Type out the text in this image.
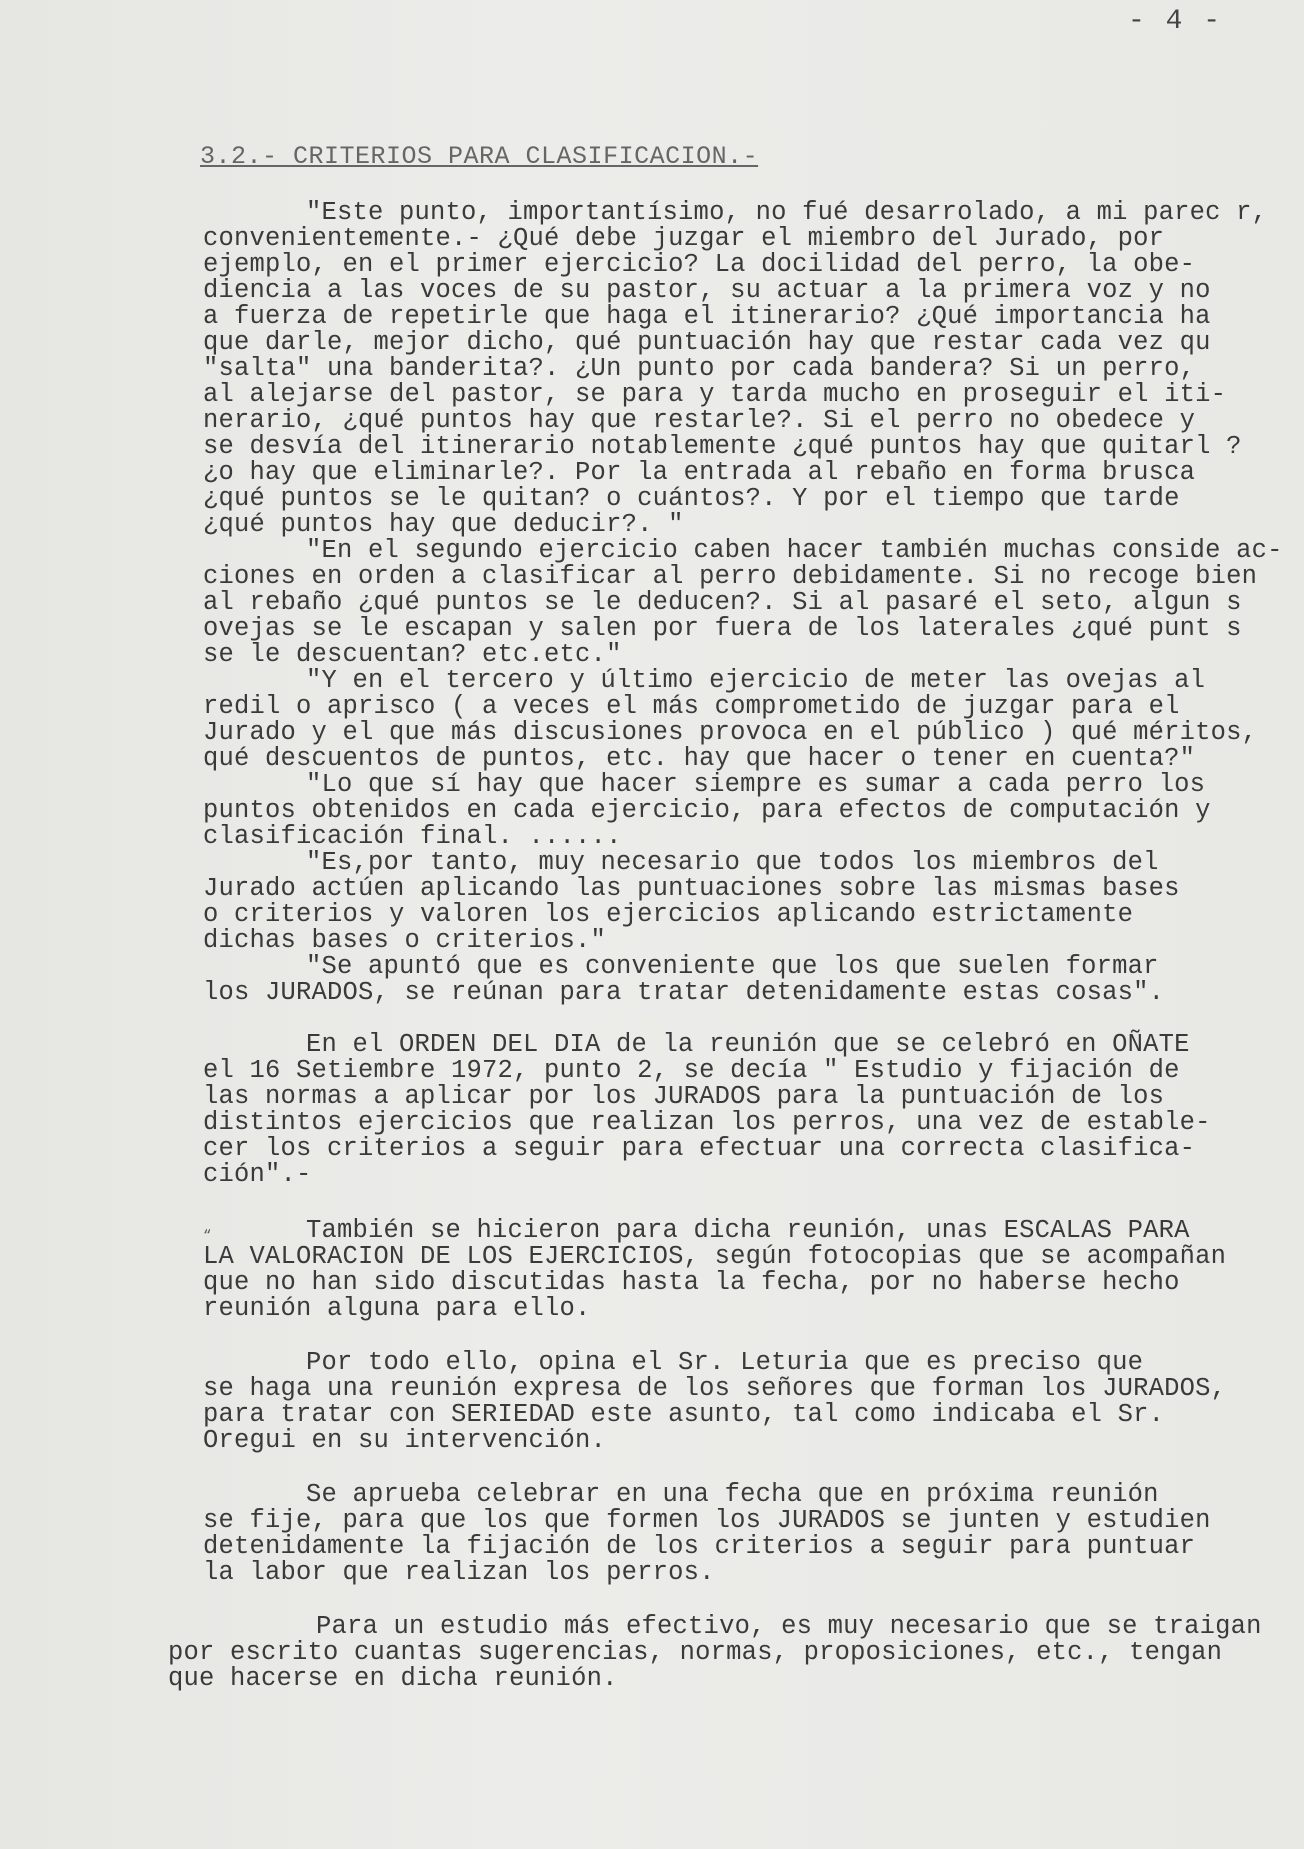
- 4 -
3.2.- CRITERIOS PARA CLASIFICACION.-
"Este punto, importantísimo, no fué desarrolado, a mi parec r,
convenientemente.- ¿Qué debe juzgar el miembro del Jurado, por
ejemplo, en el primer ejercicio? La docilidad del perro, la obe-
diencia a las voces de su pastor, su actuar a la primera voz y no
a fuerza de repetirle que haga el itinerario? ¿Qué importancia ha
que darle, mejor dicho, qué puntuación hay que restar cada vez qu
"salta" una banderita?. ¿Un punto por cada bandera? Si un perro,
al alejarse del pastor, se para y tarda mucho en proseguir el iti-
nerario, ¿qué puntos hay que restarle?. Si el perro no obedece y
se desvía del itinerario notablemente ¿qué puntos hay que quitarl ?
¿o hay que eliminarle?. Por la entrada al rebaño en forma brusca
¿qué puntos se le quitan? o cuántos?. Y por el tiempo que tarde
¿qué puntos hay que deducir?. "
"En el segundo ejercicio caben hacer también muchas conside ac-
ciones en orden a clasificar al perro debidamente. Si no recoge bien
al rebaño ¿qué puntos se le deducen?. Si al pasaré el seto, algun s
ovejas se le escapan y salen por fuera de los laterales ¿qué punt s
se le descuentan? etc.etc."
"Y en el tercero y último ejercicio de meter las ovejas al
redil o aprisco ( a veces el más comprometido de juzgar para el
Jurado y el que más discusiones provoca en el público ) qué méritos,
qué descuentos de puntos, etc. hay que hacer o tener en cuenta?"
"Lo que sí hay que hacer siempre es sumar a cada perro los
puntos obtenidos en cada ejercicio, para efectos de computación y
clasificación final. ......
"Es,por tanto, muy necesario que todos los miembros del
Jurado actúen aplicando las puntuaciones sobre las mismas bases
o criterios y valoren los ejercicios aplicando estrictamente
dichas bases o criterios."
"Se apuntó que es conveniente que los que suelen formar
los JURADOS, se reúnan para tratar detenidamente estas cosas".
En el ORDEN DEL DIA de la reunión que se celebró en OÑATE
el 16 Setiembre 1972, punto 2, se decía " Estudio y fijación de
las normas a aplicar por los JURADOS para la puntuación de los
distintos ejercicios que realizan los perros, una vez de estable-
cer los criterios a seguir para efectuar una correcta clasifica-
ción".-
“	También se hicieron para dicha reunión, unas ESCALAS PARA
LA VALORACION DE LOS EJERCICIOS, según fotocopias que se acompañan
que no han sido discutidas hasta la fecha, por no haberse hecho
reunión alguna para ello.
Por todo ello, opina el Sr. Leturia que es preciso que
se haga una reunión expresa de los señores que forman los JURADOS,
para tratar con SERIEDAD este asunto, tal como indicaba el Sr.
Oregui en su intervención.
Se aprueba celebrar en una fecha que en próxima reunión
se fije, para que los que formen los JURADOS se junten y estudien
detenidamente la fijación de los criterios a seguir para puntuar
la labor que realizan los perros.
Para un estudio más efectivo, es muy necesario que se traigan
por escrito cuantas sugerencias, normas, proposiciones, etc., tengan
que hacerse en dicha reunión.
